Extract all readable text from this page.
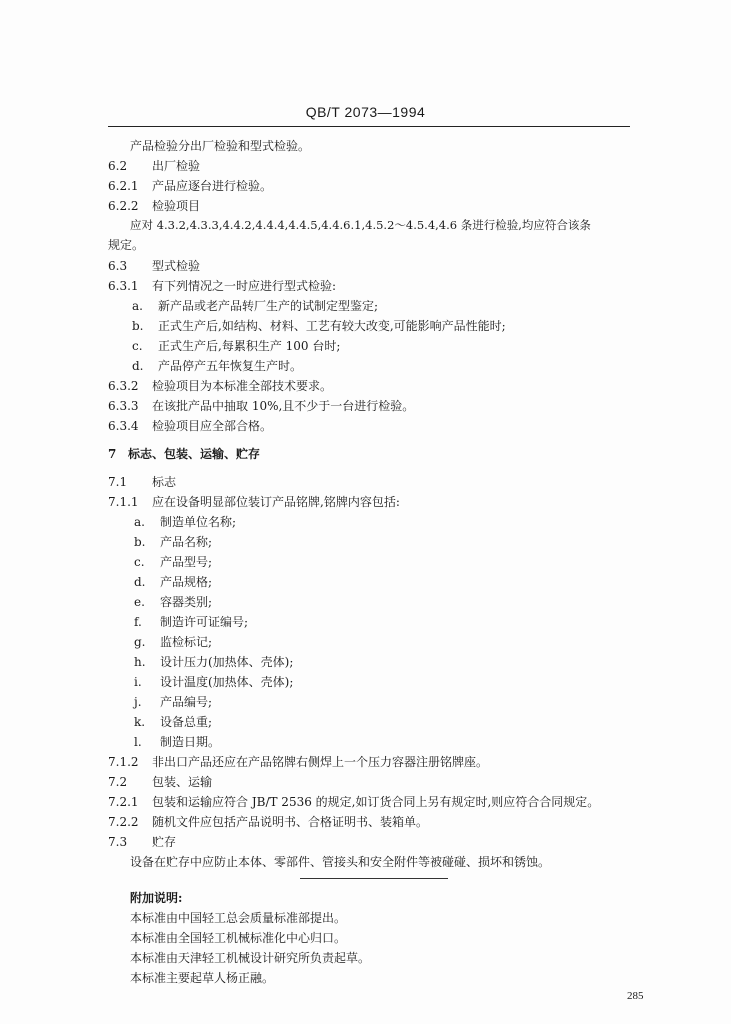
QB/T 2073—1994
产品检验分出厂检验和型式检验。
6.2 出厂检验
6.2.1 产品应逐台进行检验。
6.2.2 检验项目
应对 4.3.2,4.3.3,4.4.2,4.4.4,4.4.5,4.4.6.1,4.5.2～4.5.4,4.6 条进行检验,均应符合该条
规定。
6.3 型式检验
6.3.1 有下列情况之一时应进行型式检验:
a. 新产品或老产品转厂生产的试制定型鉴定;
b. 正式生产后,如结构、材料、工艺有较大改变,可能影响产品性能时;
c. 正式生产后,每累积生产 100 台时;
d. 产品停产五年恢复生产时。
6.3.2 检验项目为本标准全部技术要求。
6.3.3 在该批产品中抽取 10%,且不少于一台进行检验。
6.3.4 检验项目应全部合格。
7 标志、包装、运输、贮存
7.1 标志
7.1.1 应在设备明显部位装订产品铭牌,铭牌内容包括:
a. 制造单位名称;
b. 产品名称;
c. 产品型号;
d. 产品规格;
e. 容器类别;
f. 制造许可证编号;
g. 监检标记;
h. 设计压力(加热体、壳体);
i. 设计温度(加热体、壳体);
j. 产品编号;
k. 设备总重;
l. 制造日期。
7.1.2 非出口产品还应在产品铭牌右侧焊上一个压力容器注册铭牌座。
7.2 包装、运输
7.2.1 包装和运输应符合 JB/T 2536 的规定,如订货合同上另有规定时,则应符合合同规定。
7.2.2 随机文件应包括产品说明书、合格证明书、装箱单。
7.3 贮存
设备在贮存中应防止本体、零部件、管接头和安全附件等被碰碰、损坏和锈蚀。
附加说明:
本标准由中国轻工总会质量标准部提出。
本标准由全国轻工机械标准化中心归口。
本标准由天津轻工机械设计研究所负责起草。
本标准主要起草人杨正融。
285
